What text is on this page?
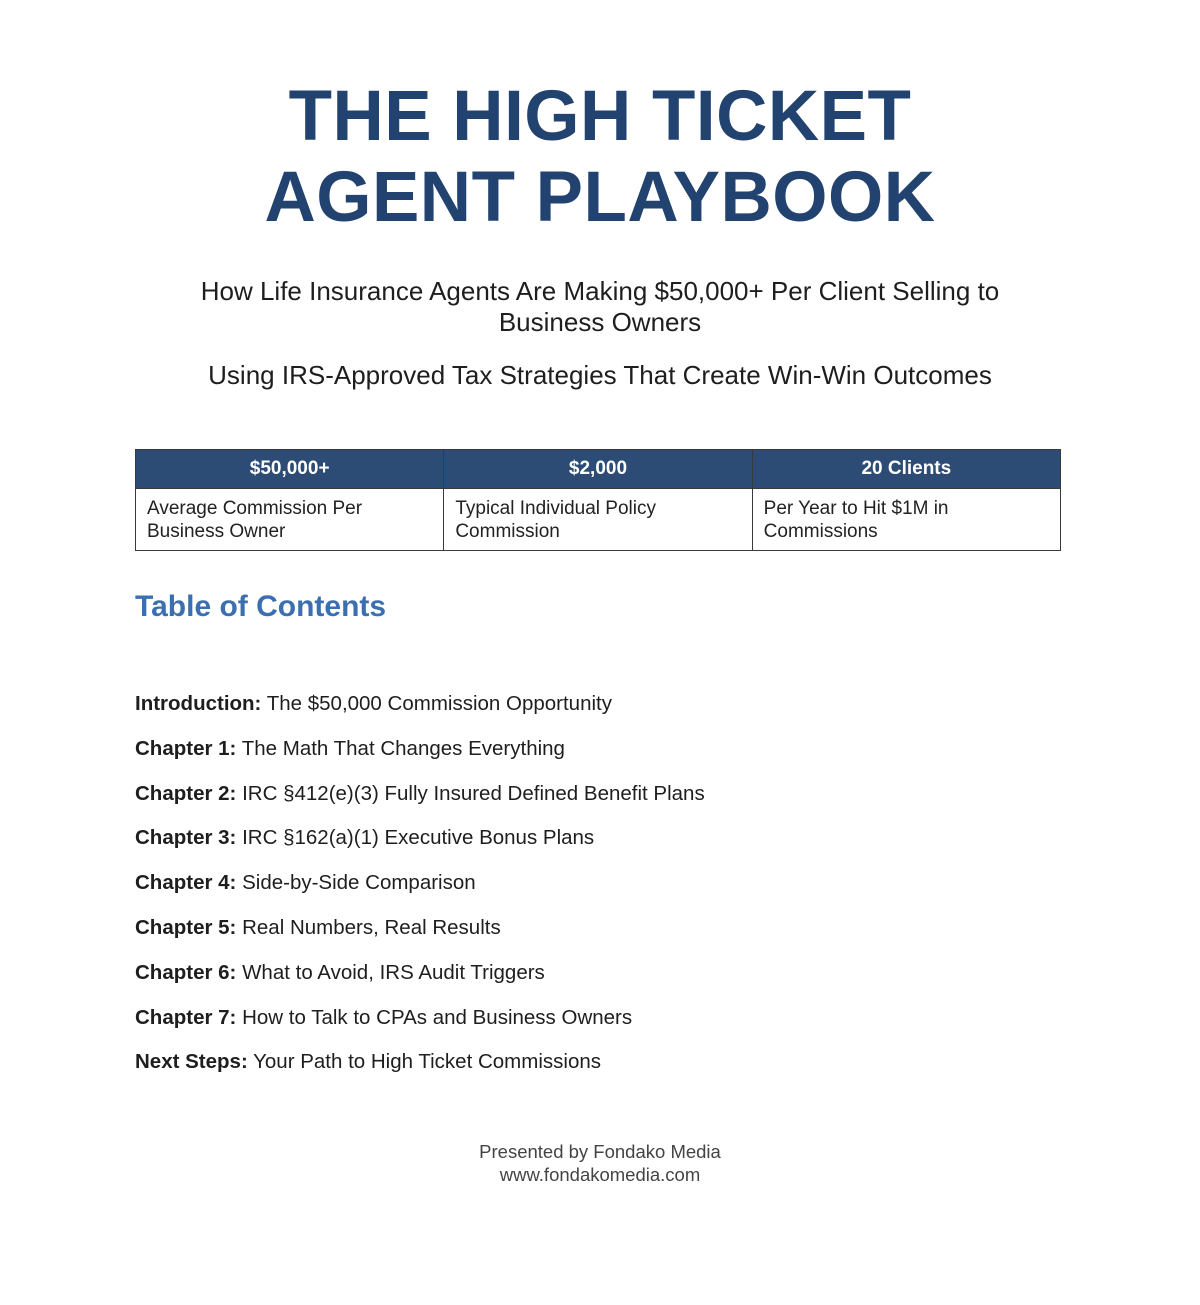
THE HIGH TICKET
AGENT PLAYBOOK

How Life Insurance Agents Are Making $50,000+ Per Client Selling to Business Owners

Using IRS-Approved Tax Strategies That Create Win-Win Outcomes

$50,000+
Average Commission Per Business Owner
$2,000
Typical Individual Policy Commission
20 Clients
Per Year to Hit $1M in Commissions
Table of Contents
Introduction: The $50,000 Commission Opportunity
Chapter 1: The Math That Changes Everything
Chapter 2: IRC §412(e)(3) Fully Insured Defined Benefit Plans
Chapter 3: IRC §162(a)(1) Executive Bonus Plans
Chapter 4: Side-by-Side Comparison
Chapter 5: Real Numbers, Real Results
Chapter 6: What to Avoid, IRS Audit Triggers
Chapter 7: How to Talk to CPAs and Business Owners
Next Steps: Your Path to High Ticket Commissions
Presented by Fondako Media
www.fondakomedia.com
